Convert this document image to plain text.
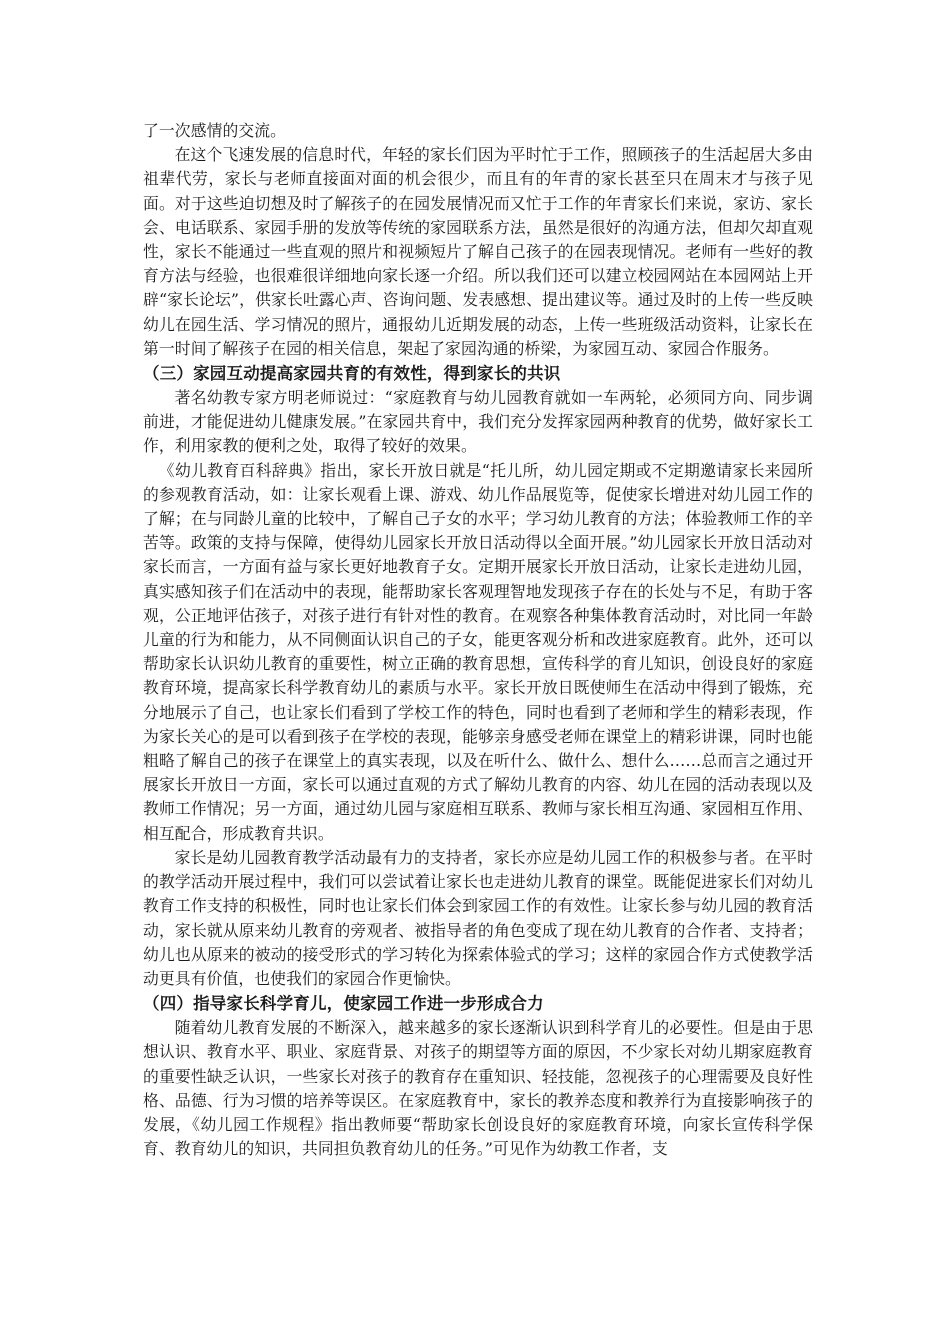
了一次感情的交流。

在这个飞速发展的信息时代，年轻的家长们因为平时忙于工作，照顾孩子的生活起居大多由祖辈代劳，家长与老师直接面对面的机会很少，而且有的年青的家长甚至只在周末才与孩子见面。对于这些迫切想及时了解孩子的在园发展情况而又忙于工作的年青家长们来说，家访、家长会、电话联系、家园手册的发放等传统的家园联系方法，虽然是很好的沟通方法，但却欠却直观性，家长不能通过一些直观的照片和视频短片了解自己孩子的在园表现情况。老师有一些好的教育方法与经验，也很难很详细地向家长逐一介绍。所以我们还可以建立校园网站在本园网站上开辟“家长论坛”，供家长吐露心声、咨询问题、发表感想、提出建议等。通过及时的上传一些反映幼儿在园生活、学习情况的照片，通报幼儿近期发展的动态，上传一些班级活动资料，让家长在第一时间了解孩子在园的相关信息，架起了家园沟通的桥梁，为家园互动、家园合作服务。

（三）家园互动提高家园共育的有效性，得到家长的共识

著名幼教专家方明老师说过：“家庭教育与幼儿园教育就如一车两轮，必须同方向、同步调前进，才能促进幼儿健康发展。”在家园共育中，我们充分发挥家园两种教育的优势，做好家长工作，利用家教的便利之处，取得了较好的效果。

《幼儿教育百科辞典》指出，家长开放日就是“托儿所，幼儿园定期或不定期邀请家长来园所的参观教育活动，如：让家长观看上课、游戏、幼儿作品展览等，促使家长增进对幼儿园工作的了解；在与同龄儿童的比较中，了解自己子女的水平；学习幼儿教育的方法；体验教师工作的辛苦等。政策的支持与保障，使得幼儿园家长开放日活动得以全面开展。”幼儿园家长开放日活动对家长而言，一方面有益与家长更好地教育子女。定期开展家长开放日活动，让家长走进幼儿园，真实感知孩子们在活动中的表现，能帮助家长客观理智地发现孩子存在的长处与不足，有助于客观，公正地评估孩子，对孩子进行有针对性的教育。在观察各种集体教育活动时，对比同一年龄儿童的行为和能力，从不同侧面认识自己的子女，能更客观分析和改进家庭教育。此外，还可以帮助家长认识幼儿教育的重要性，树立正确的教育思想，宣传科学的育儿知识，创设良好的家庭教育环境，提高家长科学教育幼儿的素质与水平。家长开放日既使师生在活动中得到了锻炼，充分地展示了自己，也让家长们看到了学校工作的特色，同时也看到了老师和学生的精彩表现，作为家长关心的是可以看到孩子在学校的表现，能够亲身感受老师在课堂上的精彩讲课，同时也能粗略了解自己的孩子在课堂上的真实表现，以及在听什么、做什么、想什么……总而言之通过开展家长开放日一方面，家长可以通过直观的方式了解幼儿教育的内容、幼儿在园的活动表现以及教师工作情况；另一方面，通过幼儿园与家庭相互联系、教师与家长相互沟通、家园相互作用、相互配合，形成教育共识。

家长是幼儿园教育教学活动最有力的支持者，家长亦应是幼儿园工作的积极参与者。在平时的教学活动开展过程中，我们可以尝试着让家长也走进幼儿教育的课堂。既能促进家长们对幼儿教育工作支持的积极性，同时也让家长们体会到家园工作的有效性。让家长参与幼儿园的教育活动，家长就从原来幼儿教育的旁观者、被指导者的角色变成了现在幼儿教育的合作者、支持者；幼儿也从原来的被动的接受形式的学习转化为探索体验式的学习；这样的家园合作方式使教学活动更具有价值，也使我们的家园合作更愉快。

（四）指导家长科学育儿，使家园工作进一步形成合力

随着幼儿教育发展的不断深入，越来越多的家长逐渐认识到科学育儿的必要性。但是由于思想认识、教育水平、职业、家庭背景、对孩子的期望等方面的原因，不少家长对幼儿期家庭教育的重要性缺乏认识，一些家长对孩子的教育存在重知识、轻技能，忽视孩子的心理需要及良好性格、品德、行为习惯的培养等误区。在家庭教育中，家长的教养态度和教养行为直接影响孩子的发展，《幼儿园工作规程》指出教师要“帮助家长创设良好的家庭教育环境，向家长宣传科学保育、教育幼儿的知识，共同担负教育幼儿的任务。”可见作为幼教工作者，支
